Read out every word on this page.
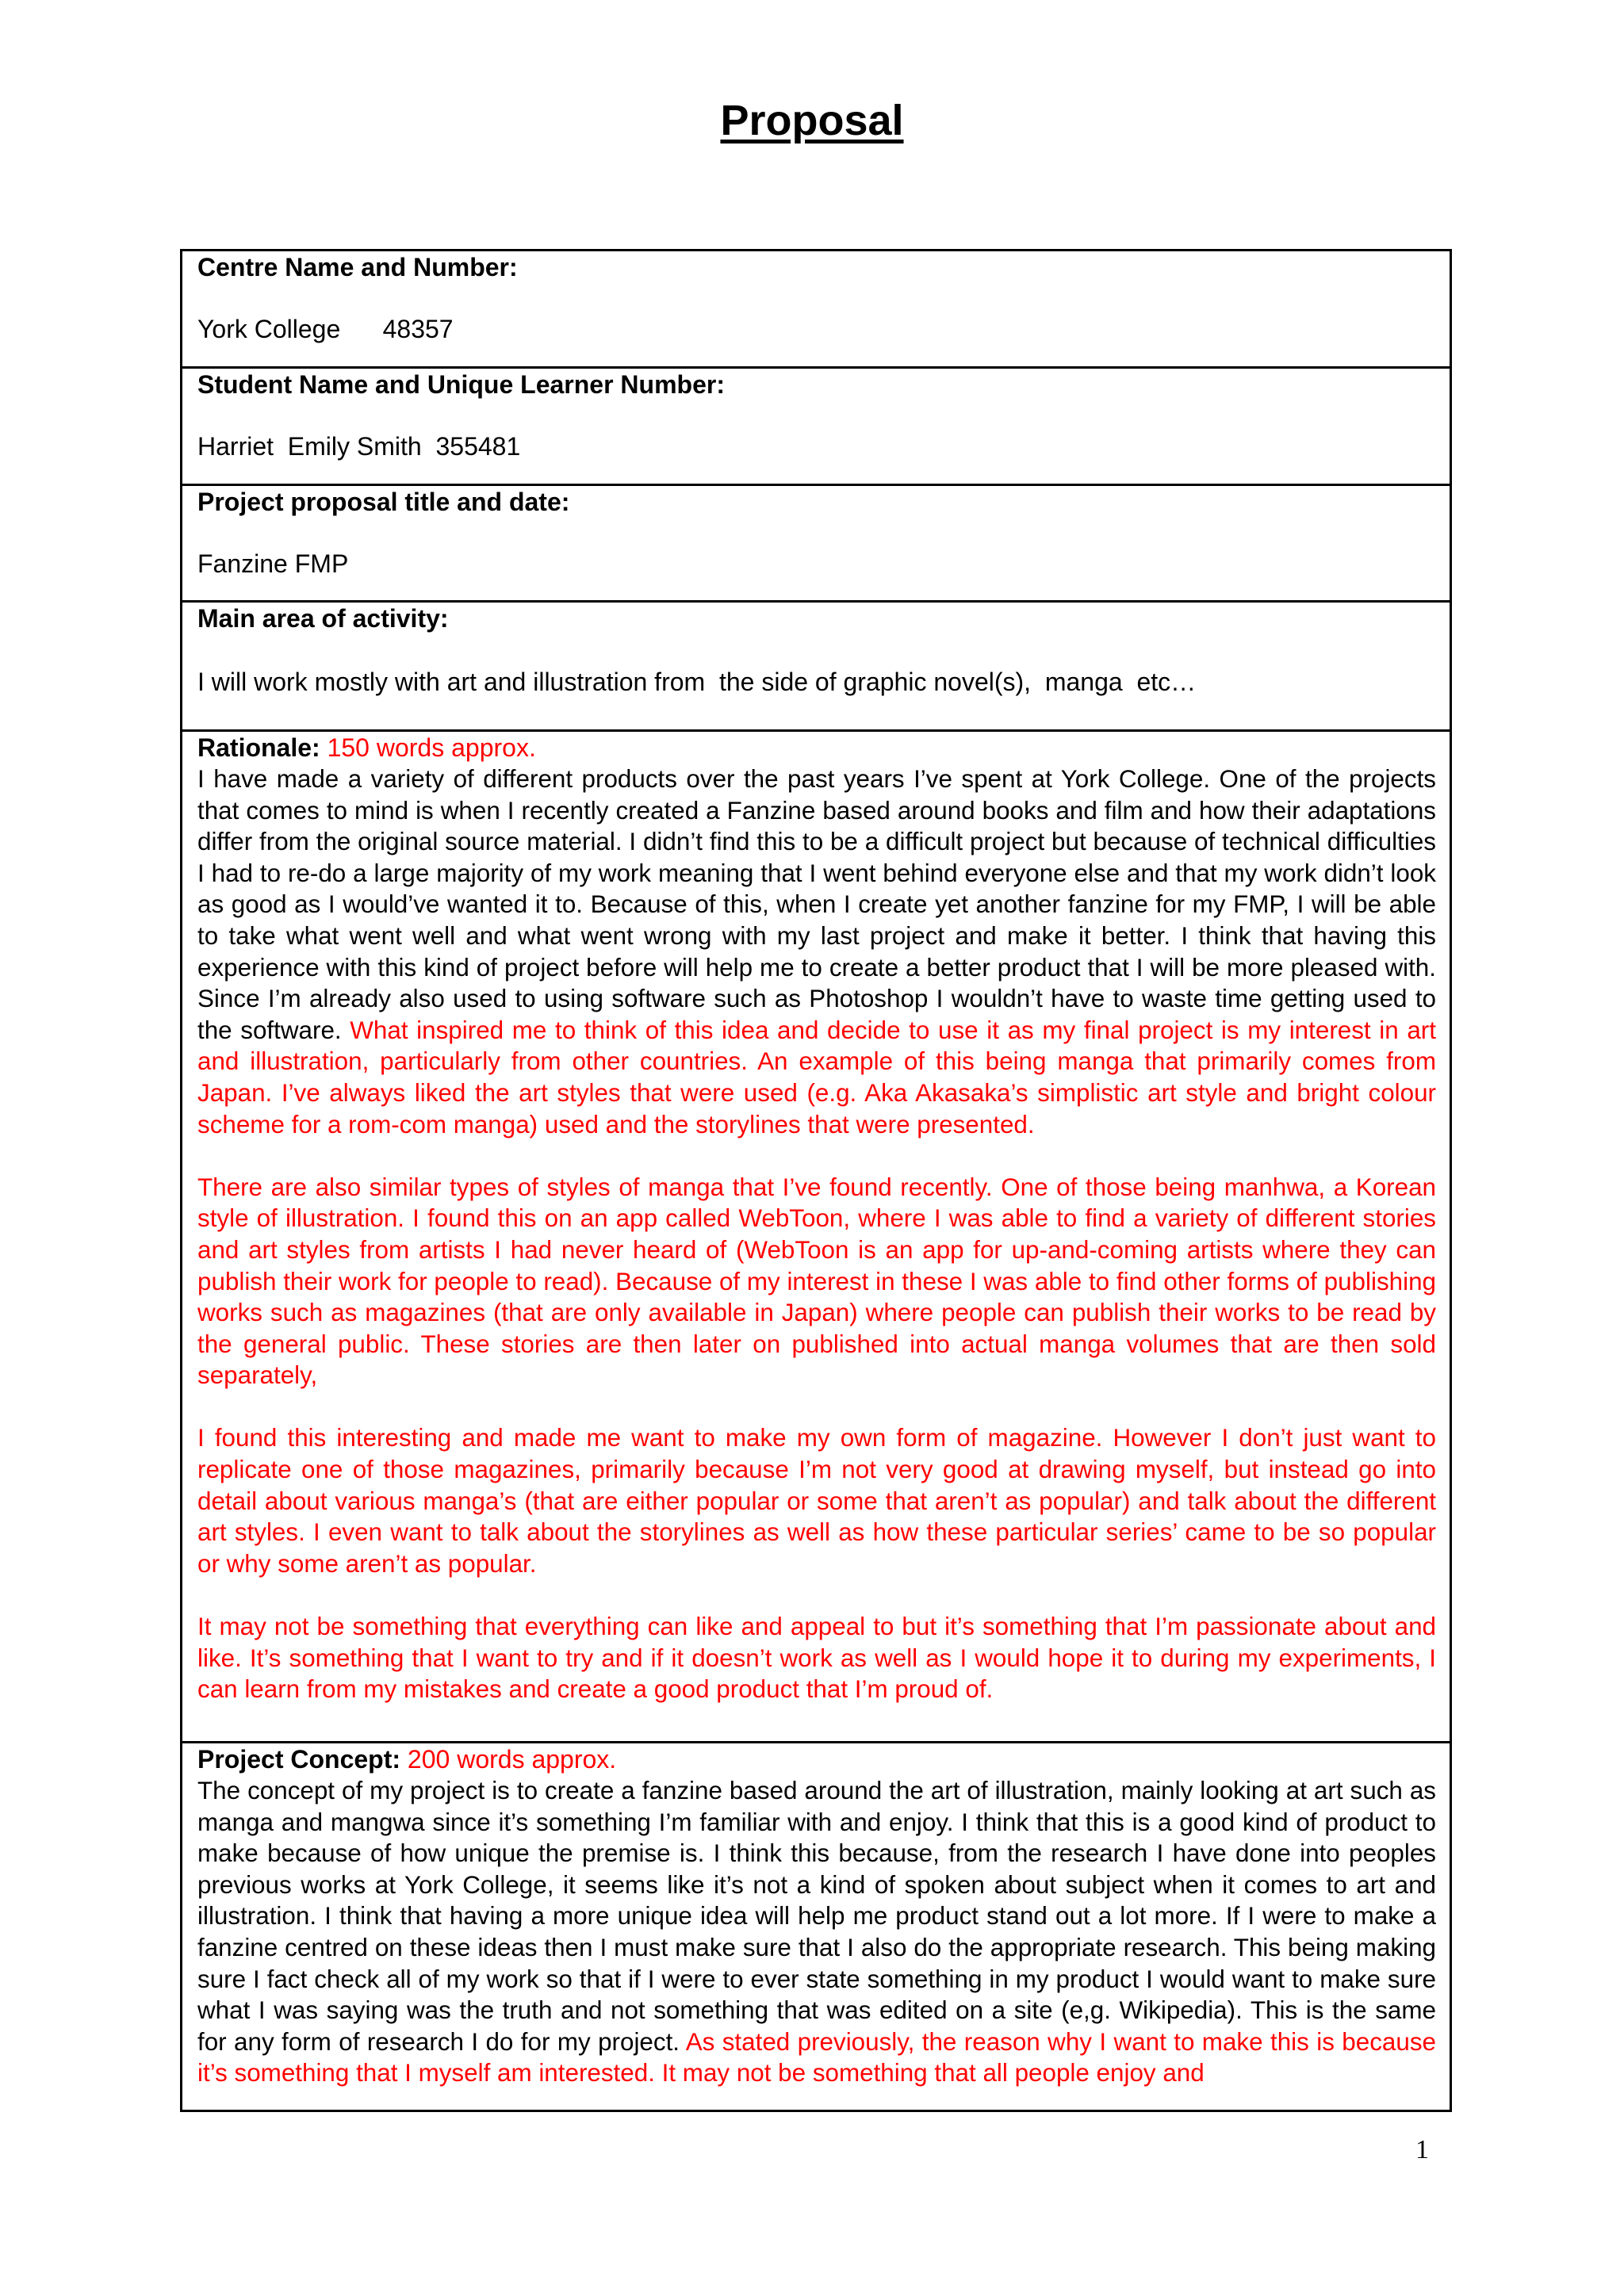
Proposal
Centre Name and Number:
York College      48357
Student Name and Unique Learner Number:
Harriet  Emily Smith  355481
Project proposal title and date:
Fanzine FMP
Main area of activity:
I will work mostly with art and illustration from  the side of graphic novel(s),  manga  etc…
Rationale: 150 words approx.

I have made a variety of different products over the past years I’ve spent at York College. One of the projects that comes to mind is when I recently created a Fanzine based around books and film and how their adaptations differ from the original source material. I didn’t find this to be a difficult project but because of technical difficulties I had to re-do a large majority of my work meaning that I went behind everyone else and that my work didn’t look as good as I would’ve wanted it to. Because of this, when I create yet another fanzine for my FMP, I will be able to take what went well and what went wrong with my last project and make it better. I think that having this experience with this kind of project before will help me to create a better product that I will be more pleased with. Since I’m already also used to using software such as Photoshop I wouldn’t have to waste time getting used to the software. What inspired me to think of this idea and decide to use it as my final project is my interest in art and illustration, particularly from other countries. An example of this being manga that primarily comes from Japan. I’ve always liked the art styles that were used (e.g. Aka Akasaka’s simplistic art style and bright colour scheme for a rom-com manga) used and the storylines that were presented.

There are also similar types of styles of manga that I’ve found recently. One of those being manhwa, a Korean style of illustration. I found this on an app called WebToon, where I was able to find a variety of different stories and art styles from artists I had never heard of (WebToon is an app for up-and-coming artists where they can publish their work for people to read). Because of my interest in these I was able to find other forms of publishing works such as magazines (that are only available in Japan) where people can publish their works to be read by the general public. These stories are then later on published into actual manga volumes that are then sold separately,

I found this interesting and made me want to make my own form of magazine. However I don’t just want to replicate one of those magazines, primarily because I’m not very good at drawing myself, but instead go into detail about various manga’s (that are either popular or some that aren’t as popular) and talk about the different art styles. I even want to talk about the storylines as well as how these particular series’ came to be so popular or why some aren’t as popular.

It may not be something that everything can like and appeal to but it’s something that I’m passionate about and like. It’s something that I want to try and if it doesn’t work as well as I would hope it to during my experiments, I can learn from my mistakes and create a good product that I’m proud of.

Project Concept: 200 words approx.

The concept of my project is to create a fanzine based around the art of illustration, mainly looking at art such as manga and mangwa since it’s something I’m familiar with and enjoy. I think that this is a good kind of product to make because of how unique the premise is. I think this because, from the research I have done into peoples previous works at York College, it seems like it’s not a kind of spoken about subject when it comes to art and illustration. I think that having a more unique idea will help me product stand out a lot more. If I were to make a fanzine centred on these ideas then I must make sure that I also do the appropriate research. This being making sure I fact check all of my work so that if I were to ever state something in my product I would want to make sure what I was saying was the truth and not something that was edited on a site (e,g. Wikipedia). This is the same for any form of research I do for my project. As stated previously, the reason why I want to make this is because it’s something that I myself am interested. It may not be something that all people enjoy and

1
